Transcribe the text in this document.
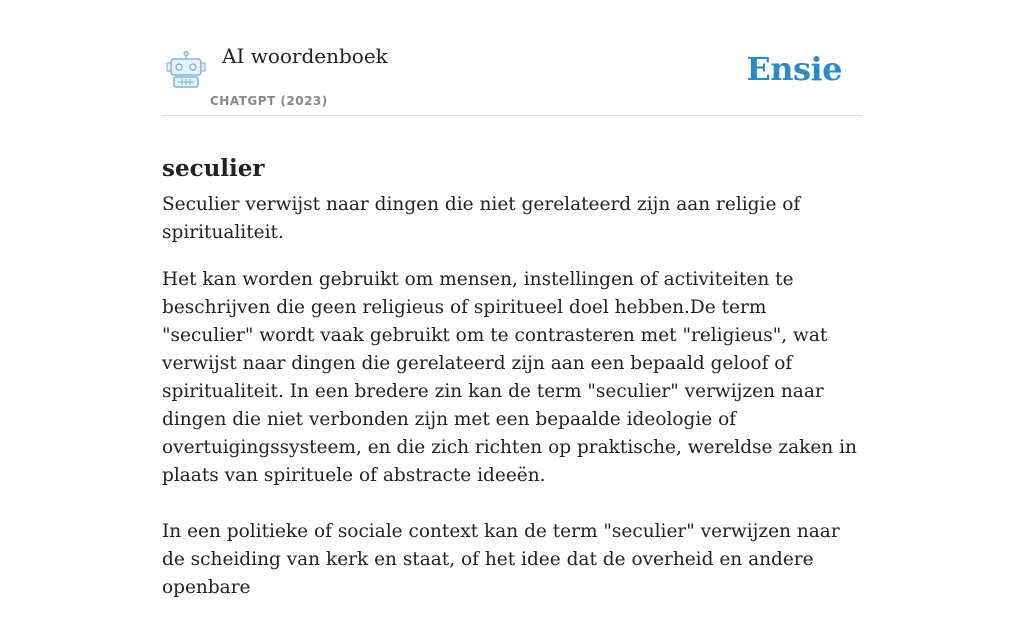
AI woordenboek
CHATGPT (2023)
Ensie
seculier

Seculier verwijst naar dingen die niet gerelateerd zijn aan religie of spiritualiteit.

Het kan worden gebruikt om mensen, instellingen of activiteiten te beschrijven die geen religieus of spiritueel doel hebben.De term "seculier" wordt vaak gebruikt om te contrasteren met "religieus", wat verwijst naar dingen die gerelateerd zijn aan een bepaald geloof of spiritualiteit. In een bredere zin kan de term "seculier" verwijzen naar dingen die niet verbonden zijn met een bepaalde ideologie of overtuigingssysteem, en die zich richten op praktische, wereldse zaken in plaats van spirituele of abstracte ideeën.

In een politieke of sociale context kan de term "seculier" verwijzen naar de scheiding van kerk en staat, of het idee dat de overheid en andere openbare
